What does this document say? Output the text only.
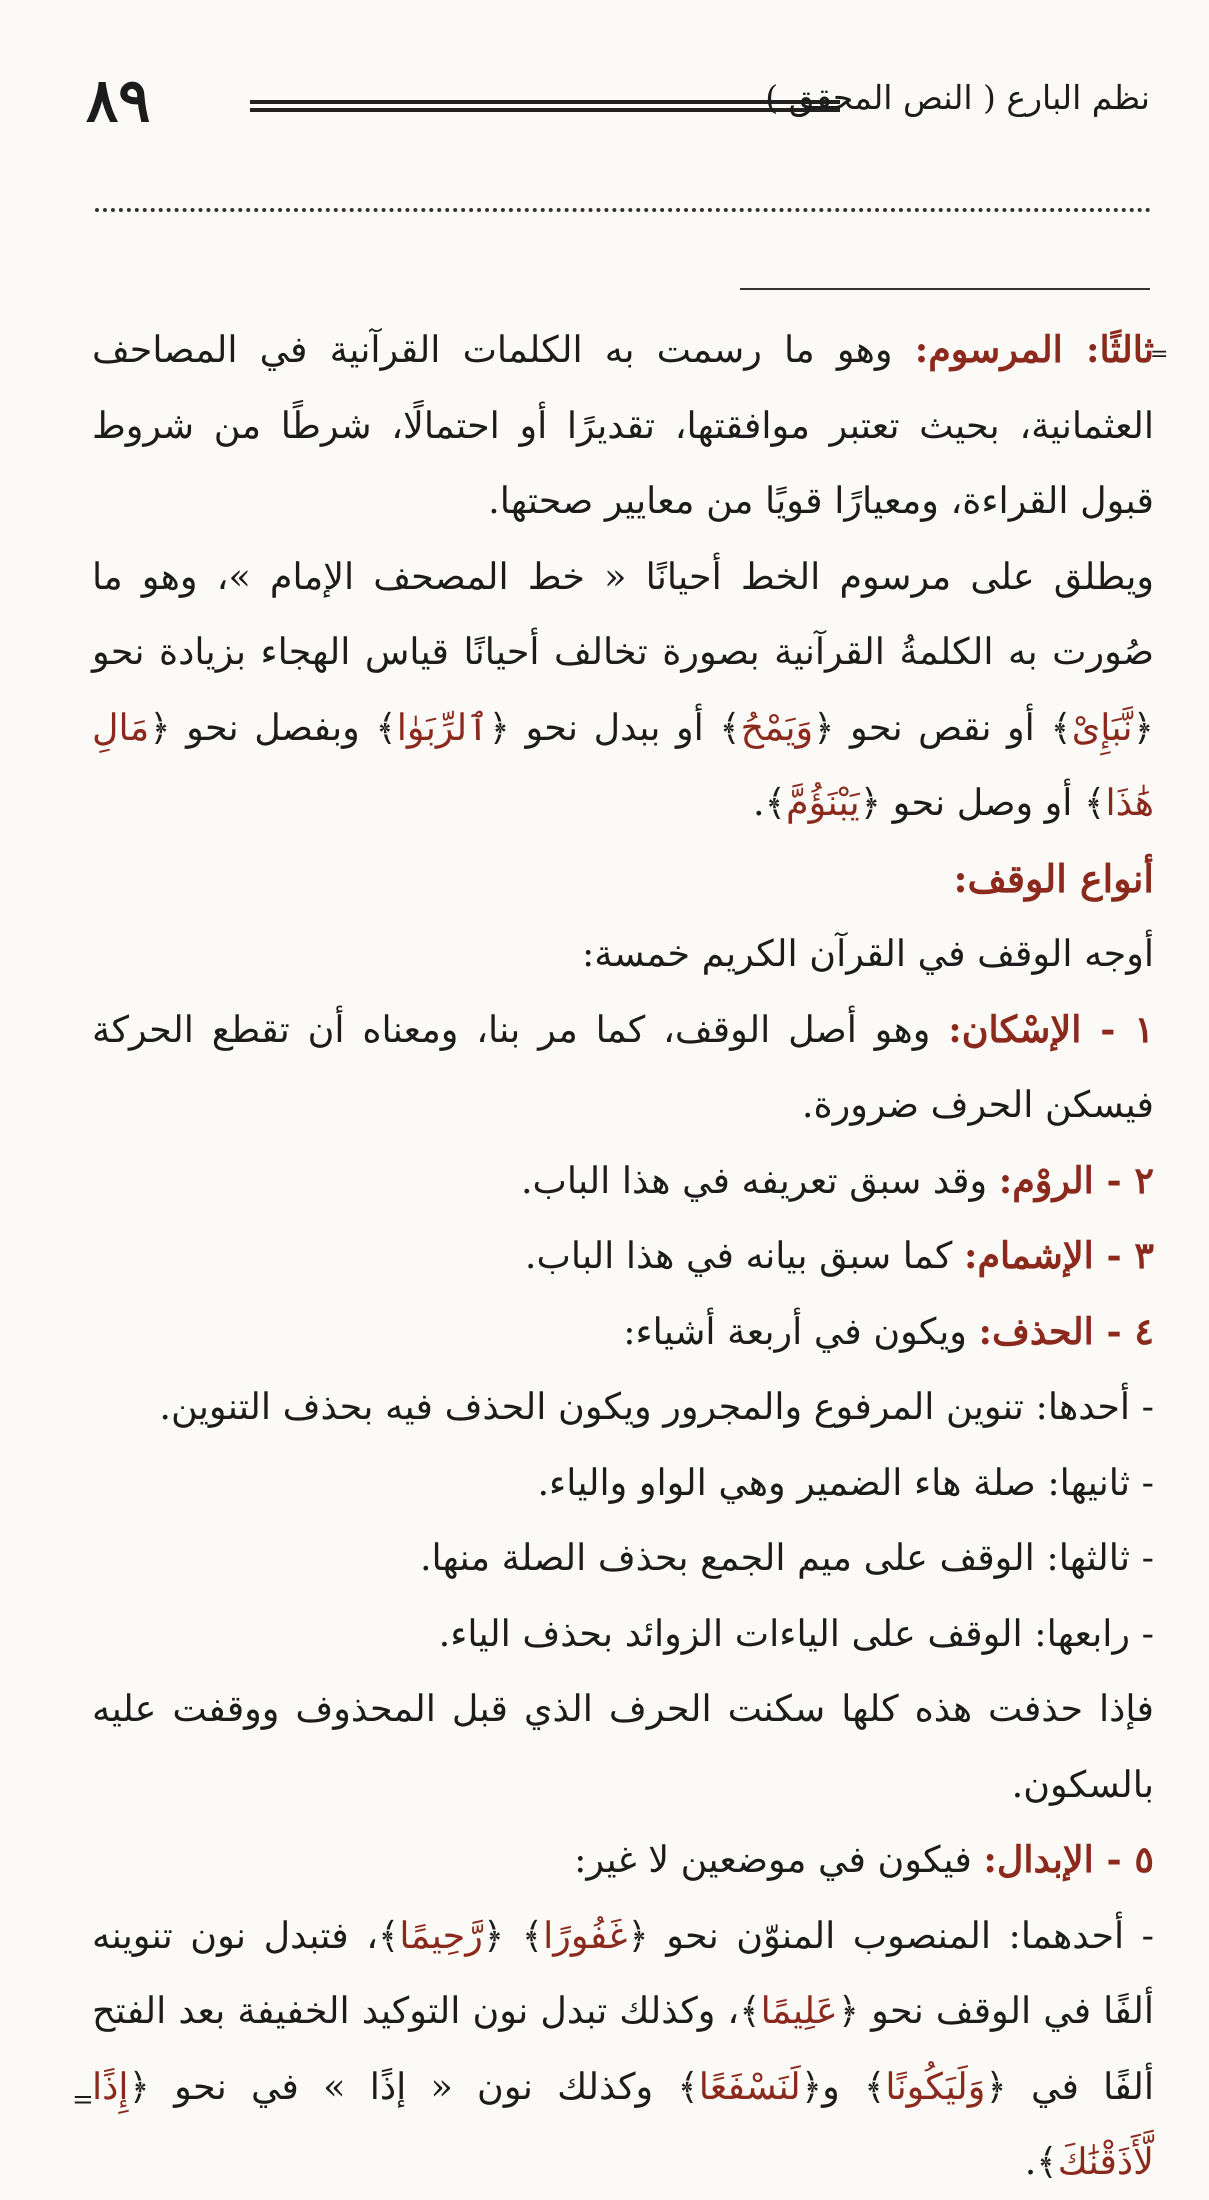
٨٩	نظم البارع ( النص المحقق )
=

ثالثًا: المرسوم: وهو ما رسمت به الكلمات القرآنية في المصاحف العثمانية، بحيث تعتبر موافقتها، تقديرًا أو احتمالًا، شرطًا من شروط قبول القراءة، ومعيارًا قويًا من معايير صحتها.

ويطلق على مرسوم الخط أحيانًا « خط المصحف الإمام »، وهو ما صُورت به الكلمةُ القرآنية بصورة تخالف أحيانًا قياس الهجاء بزيادة نحو ﴿نَّبَإِىْ﴾ أو نقص نحو ﴿وَيَمْحُ﴾ أو ببدل نحو ﴿ٱلرِّبَوٰا﴾ وبفصل نحو ﴿مَالِ هَٰذَا﴾ أو وصل نحو ﴿يَبْنَؤُمَّ﴾.

أنواع الوقف:

أوجه الوقف في القرآن الكريم خمسة:

١ - الإسْكان: وهو أصل الوقف، كما مر بنا، ومعناه أن تقطع الحركة فيسكن الحرف ضرورة.

٢ - الروْم: وقد سبق تعريفه في هذا الباب.

٣ - الإشمام: كما سبق بيانه في هذا الباب.

٤ - الحذف: ويكون في أربعة أشياء:

- أحدها: تنوين المرفوع والمجرور ويكون الحذف فيه بحذف التنوين.

- ثانيها: صلة هاء الضمير وهي الواو والياء.

- ثالثها: الوقف على ميم الجمع بحذف الصلة منها.

- رابعها: الوقف على الياءات الزوائد بحذف الياء.

فإذا حذفت هذه كلها سكنت الحرف الذي قبل المحذوف ووقفت عليه بالسكون.

٥ - الإبدال: فيكون في موضعين لا غير:

- أحدهما: المنصوب المنوّن نحو ﴿غَفُورًا﴾ ﴿رَّحِيمًا﴾، فتبدل نون تنوينه ألفًا في الوقف نحو ﴿عَلِيمًا﴾، وكذلك تبدل نون التوكيد الخفيفة بعد الفتح ألفًا في ﴿وَلَيَكُونًا﴾ و﴿لَنَسْفَعًا﴾ وكذلك نون « إذًا » في نحو ﴿إِذًا لَّأَذَقْنَٰكَ﴾.

=
